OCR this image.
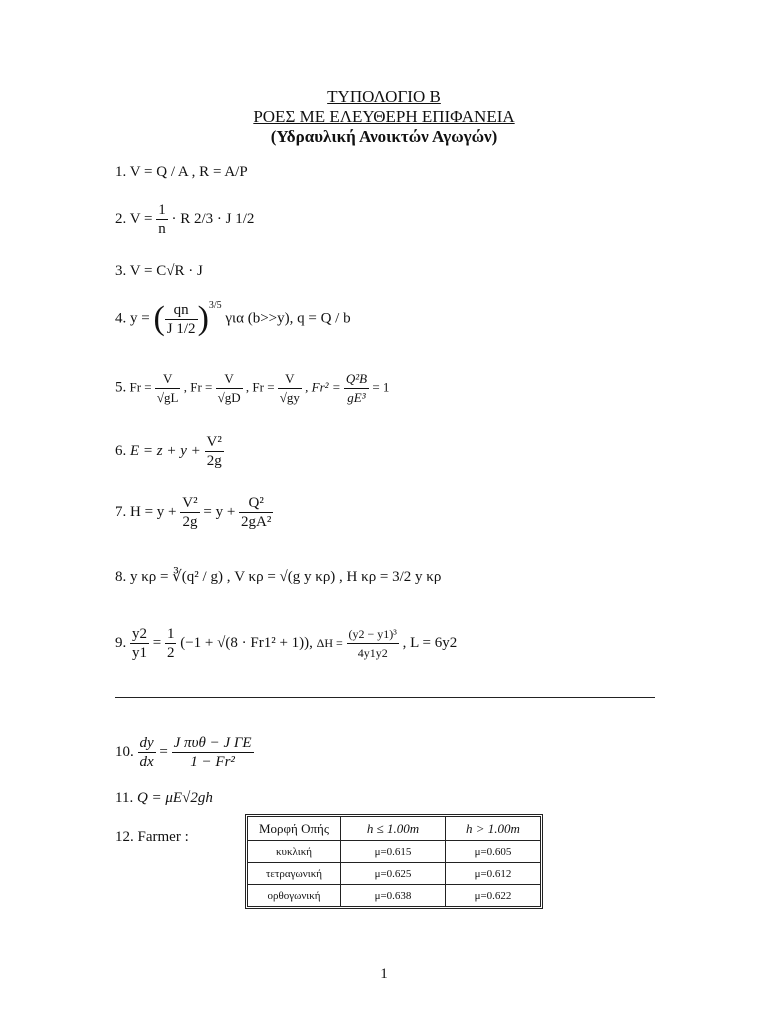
ΤΥΠΟΛΟΓΙΟ Β
ΡΟΕΣ ΜΕ ΕΛΕΥΘΕΡΗ ΕΠΙΦΑΝΕΙΑ
(Υδραυλική Ανοικτών Αγωγών)
1. V = Q / A , R = A/P
2. $V = \frac{1}{n} \cdot R$ 2/3 · J 1/2
3. V = C√R · J
4. y = ( $\frac{qn}{J 1/2} )^{3/5}$ για (b>>y), q = Q / b
5. $Fr = \frac{V}{√gL}$ , $Fr = \frac{V}{√gD}$ , $Fr = \frac{V}{√gy}$ , $Fr^2 = \frac{\text{Q²B}}{\text{gE³}} = 1$
6. $E = z + y + \frac{\text{V²}}{2g}$
7. $H = y + \frac{\text{V²}}{2g} = y + \frac{\text{Q²}}{\text{2gA²}}$
8. y κρ = ∛(q² / g) , V κρ = √(g y κρ) , H κρ = 3/2 y κρ
9. $\frac{y2}{y1} = \frac{1}{2} (-1 + √(8 \cdot Fr1^2 + 1))$, $\Delta H = \frac{\text{(y2 − y1)³}}{4y1y2}$ , L = 6y2
10. $\frac{dy}{dx} = \frac{\text{J πυθ − J ΓΕ}}{\text{1 − Fr²}}$
11. Q = μE√2gh
12. Farmer :
Μορφή Οπής	h ≤ 1.00m	h > 1.00m
κυκλική	μ=0.615	μ=0.605
τετραγωνική	μ=0.625	μ=0.612
ορθογωνική	μ=0.638	μ=0.622
1
